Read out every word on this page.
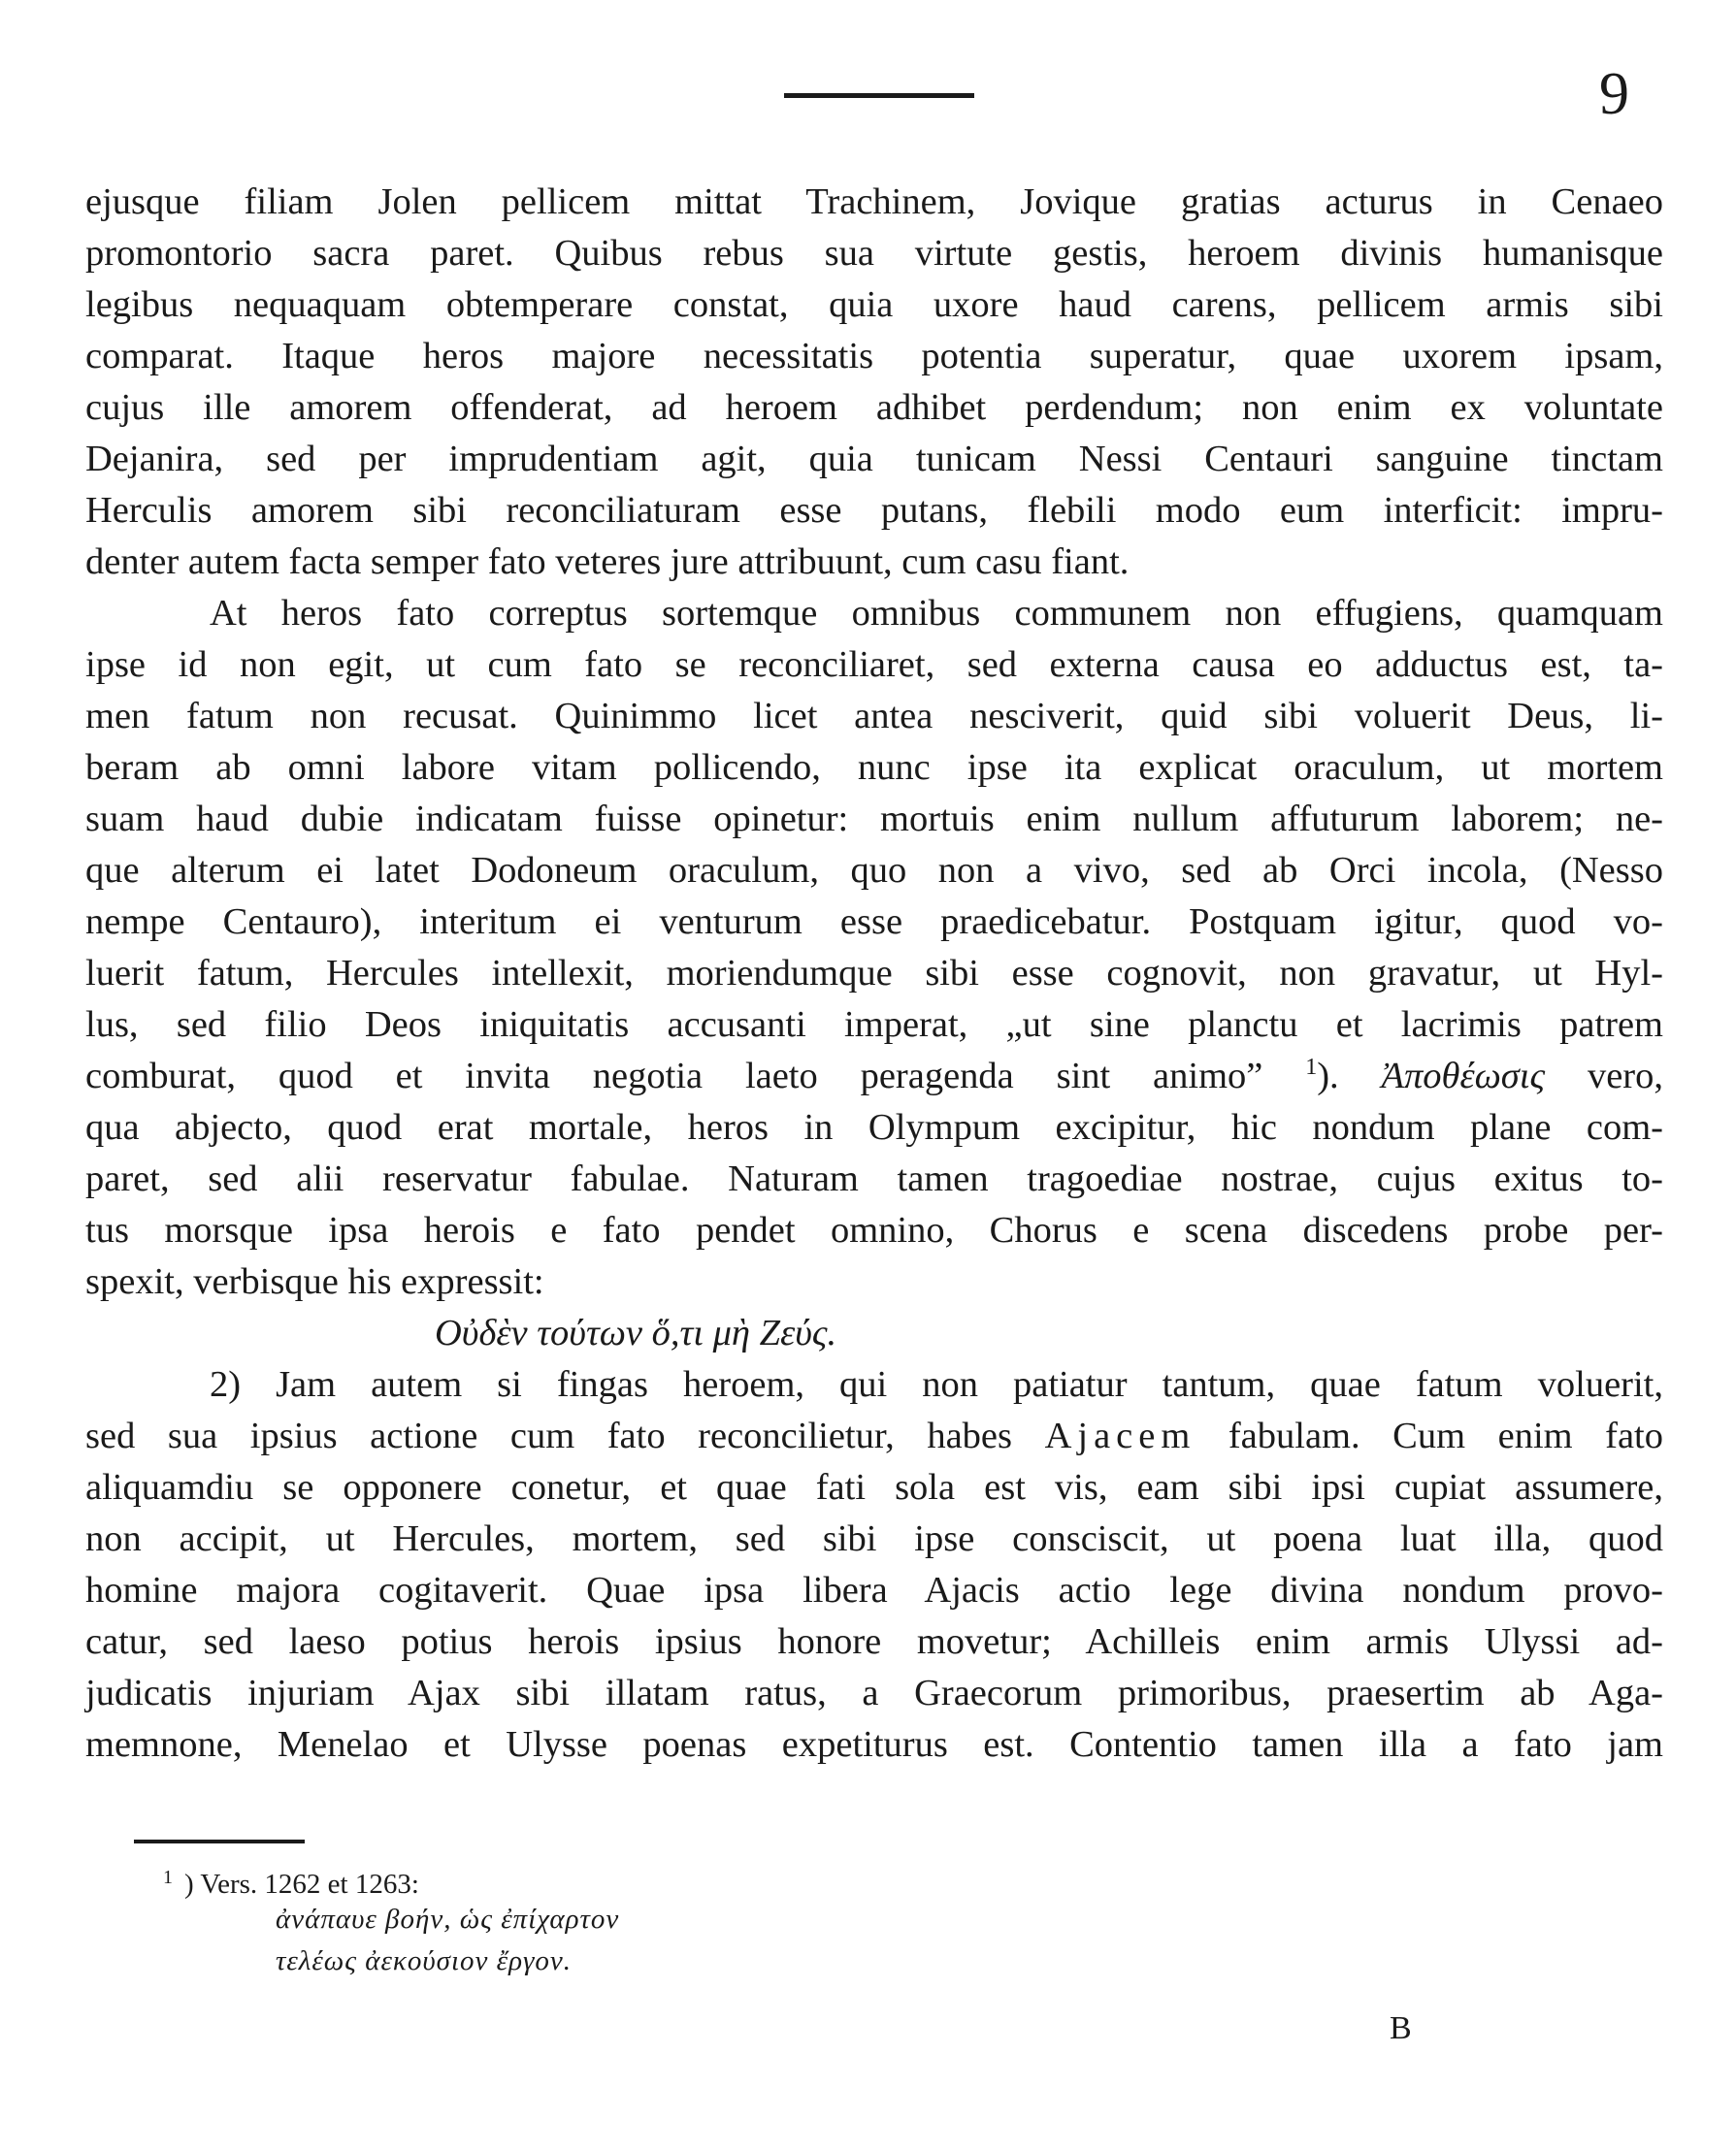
9
ejusque filiam Jolen pellicem mittat Trachinem, Jovique gratias acturus in Cenaeo
promontorio sacra paret. Quibus rebus sua virtute gestis, heroem divinis humanisque
legibus nequaquam obtemperare constat, quia uxore haud carens, pellicem armis sibi
comparat. Itaque heros majore necessitatis potentia superatur, quae uxorem ipsam,
cujus ille amorem offenderat, ad heroem adhibet perdendum; non enim ex voluntate
Dejanira, sed per imprudentiam agit, quia tunicam Nessi Centauri sanguine tinctam
Herculis amorem sibi reconciliaturam esse putans, flebili modo eum interficit: impru-
denter autem facta semper fato veteres jure attribuunt, cum casu fiant.
At heros fato correptus sortemque omnibus communem non effugiens, quamquam
ipse id non egit, ut cum fato se reconciliaret, sed externa causa eo adductus est, ta-
men fatum non recusat. Quinimmo licet antea nesciverit, quid sibi voluerit Deus, li-
beram ab omni labore vitam pollicendo, nunc ipse ita explicat oraculum, ut mortem
suam haud dubie indicatam fuisse opinetur: mortuis enim nullum affuturum laborem; ne-
que alterum ei latet Dodoneum oraculum, quo non a vivo, sed ab Orci incola, (Nesso
nempe Centauro), interitum ei venturum esse praedicebatur. Postquam igitur, quod vo-
luerit fatum, Hercules intellexit, moriendumque sibi esse cognovit, non gravatur, ut Hyl-
lus, sed filio Deos iniquitatis accusanti imperat, „ut sine planctu et lacrimis patrem
comburat, quod et invita negotia laeto peragenda sint animo” $^1$). Ἀποθέωσις vero,
qua abjecto, quod erat mortale, heros in Olympum excipitur, hic nondum plane com-
paret, sed alii reservatur fabulae. Naturam tamen tragoediae nostrae, cujus exitus to-
tus morsque ipsa herois e fato pendet omnino, Chorus e scena discedens probe per-
spexit, verbisque his expressit:
Οὐδὲν τούτων ὅ,τι μὴ Ζεύς.
2) Jam autem si fingas heroem, qui non patiatur tantum, quae fatum voluerit,
sed sua ipsius actione cum fato reconcilietur, habes Ajacem fabulam. Cum enim fato
aliquamdiu se opponere conetur, et quae fati sola est vis, eam sibi ipsi cupiat assumere,
non accipit, ut Hercules, mortem, sed sibi ipse consciscit, ut poena luat illa, quod
homine majora cogitaverit. Quae ipsa libera Ajacis actio lege divina nondum provo-
catur, sed laeso potius herois ipsius honore movetur; Achilleis enim armis Ulyssi ad-
judicatis injuriam Ajax sibi illatam ratus, a Graecorum primoribus, praesertim ab Aga-
memnone, Menelao et Ulysse poenas expetiturus est. Contentio tamen illa a fato jam
$^1$ ) Vers. 1262 et 1263:
ἀνάπαυε βοήν, ὡς ἐπίχαρτον
τελέως ἀεκούσιον ἔργον.
B
